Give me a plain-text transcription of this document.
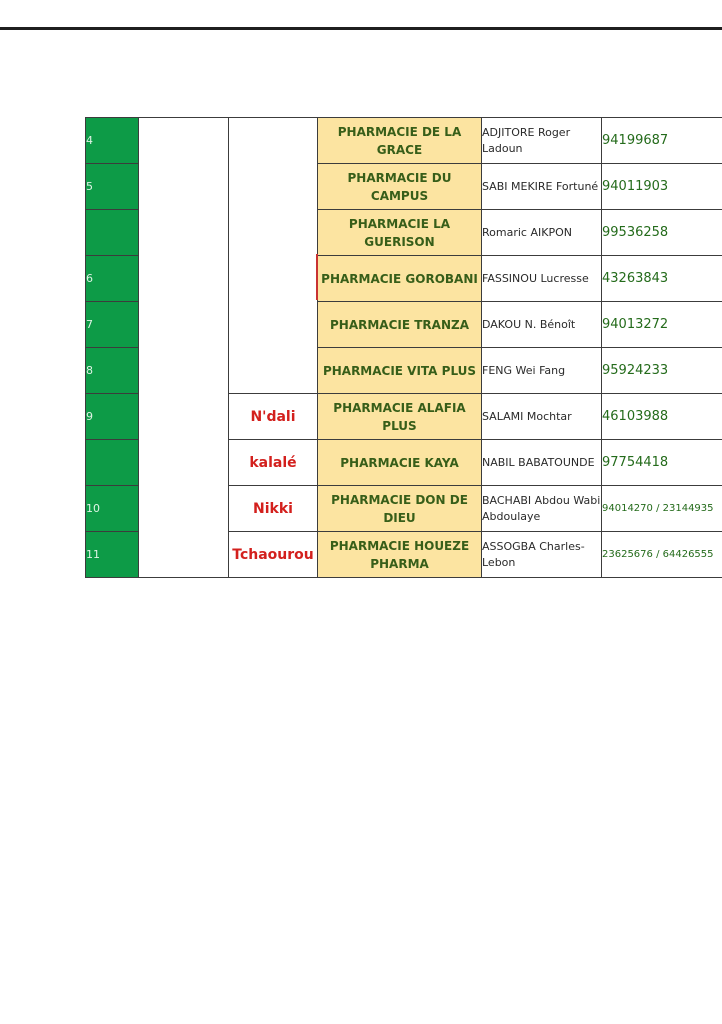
4			PHARMACIE DE LA GRACE	ADJITORE Roger Ladoun	94199687
5			PHARMACIE DU CAMPUS	SABI MEKIRE Fortuné	94011903
			PHARMACIE LA GUERISON	Romaric AIKPON	99536258
6			PHARMACIE GOROBANI	FASSINOU Lucresse	43263843
7			PHARMACIE TRANZA	DAKOU N. Bénoît	94013272
8			PHARMACIE VITA PLUS	FENG Wei Fang	95924233
9		N'dali	PHARMACIE ALAFIA PLUS	SALAMI Mochtar	46103988
		kalalé	PHARMACIE KAYA	NABIL BABATOUNDE	97754418
10		Nikki	PHARMACIE DON DE DIEU	BACHABI Abdou Wabi Abdoulaye	94014270 / 23144935
11		Tchaourou	PHARMACIE HOUEZE PHARMA	ASSOGBA Charles-Lebon	23625676 / 64426555
